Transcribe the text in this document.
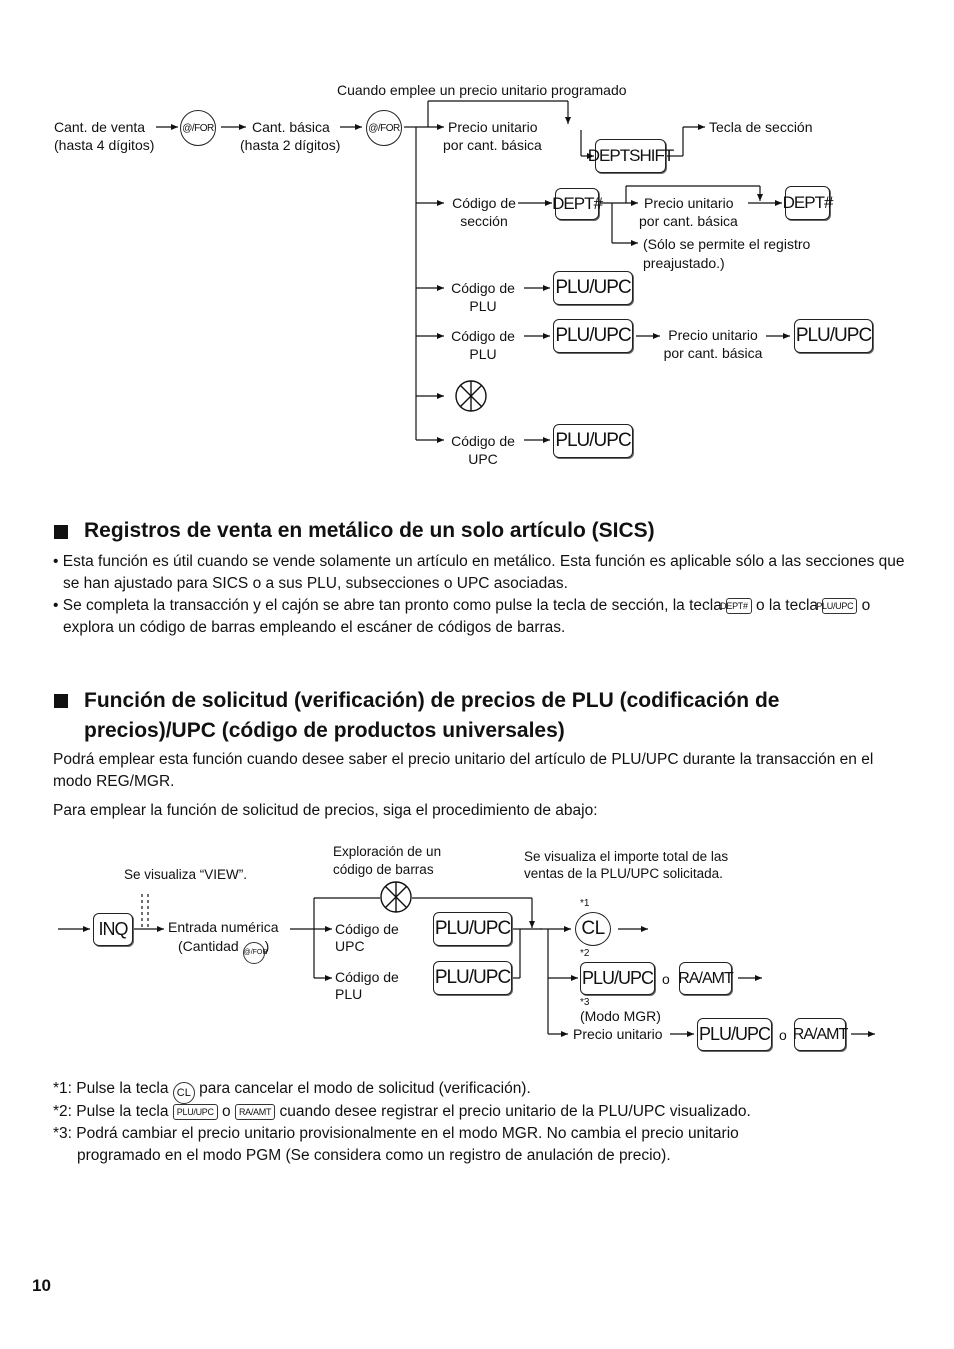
Cuando emplee un precio unitario programado
Cant. de venta
(hasta 4 dígitos)
@/FOR	Cant. básica
(hasta 2 dígitos)
@/FOR	Precio unitario
por cant. básica
DEPTSHIFT
Tecla de sección
Código de
sección
DEPT#	Precio unitario
por cant. básica
DEPT#
(Sólo se permite el registro
preajustado.)
Código de
PLU
PLU/UPC
Código de
PLU
PLU/UPC	Precio unitario
por cant. básica
PLU/UPC
Código de
UPC
PLU/UPC
Registros de venta en metálico de un solo artículo (SICS)
• Esta función es útil cuando se vende solamente un artículo en metálico. Esta función es aplicable sólo a las secciones que se han ajustado para SICS o a sus PLU, subsecciones o UPC asociadas.
• Se completa la transacción y el cajón se abre tan pronto como pulse la tecla de sección, la tecla DEPT# o la tecla PLU/UPC o explora un código de barras empleando el escáner de códigos de barras.
Función de solicitud (verificación) de precios de PLU (codificación de
precios)/UPC (código de productos universales)
Podrá emplear esta función cuando desee saber el precio unitario del artículo de PLU/UPC durante la transacción en el modo REG/MGR.
Para emplear la función de solicitud de precios, siga el procedimiento de abajo:
Se visualiza “VIEW”.
Exploración de un
código de barras
Se visualiza el importe total de las
ventas de la PLU/UPC solicitada.
INQ	Entrada numérica
(Cantidad @/FOR)
Código de
UPC
PLU/UPC
Código de
PLU
PLU/UPC
*1
CL
*2
PLU/UPC o RA/AMT
*3
(Modo MGR)
Precio unitario PLU/UPC o RA/AMT
*1: Pulse la tecla CL para cancelar el modo de solicitud (verificación).
*2: Pulse la tecla PLU/UPC o RA/AMT cuando desee registrar el precio unitario de la PLU/UPC visualizado.
*3: Podrá cambiar el precio unitario provisionalmente en el modo MGR. No cambia el precio unitario
programado en el modo PGM (Se considera como un registro de anulación de precio).
10
